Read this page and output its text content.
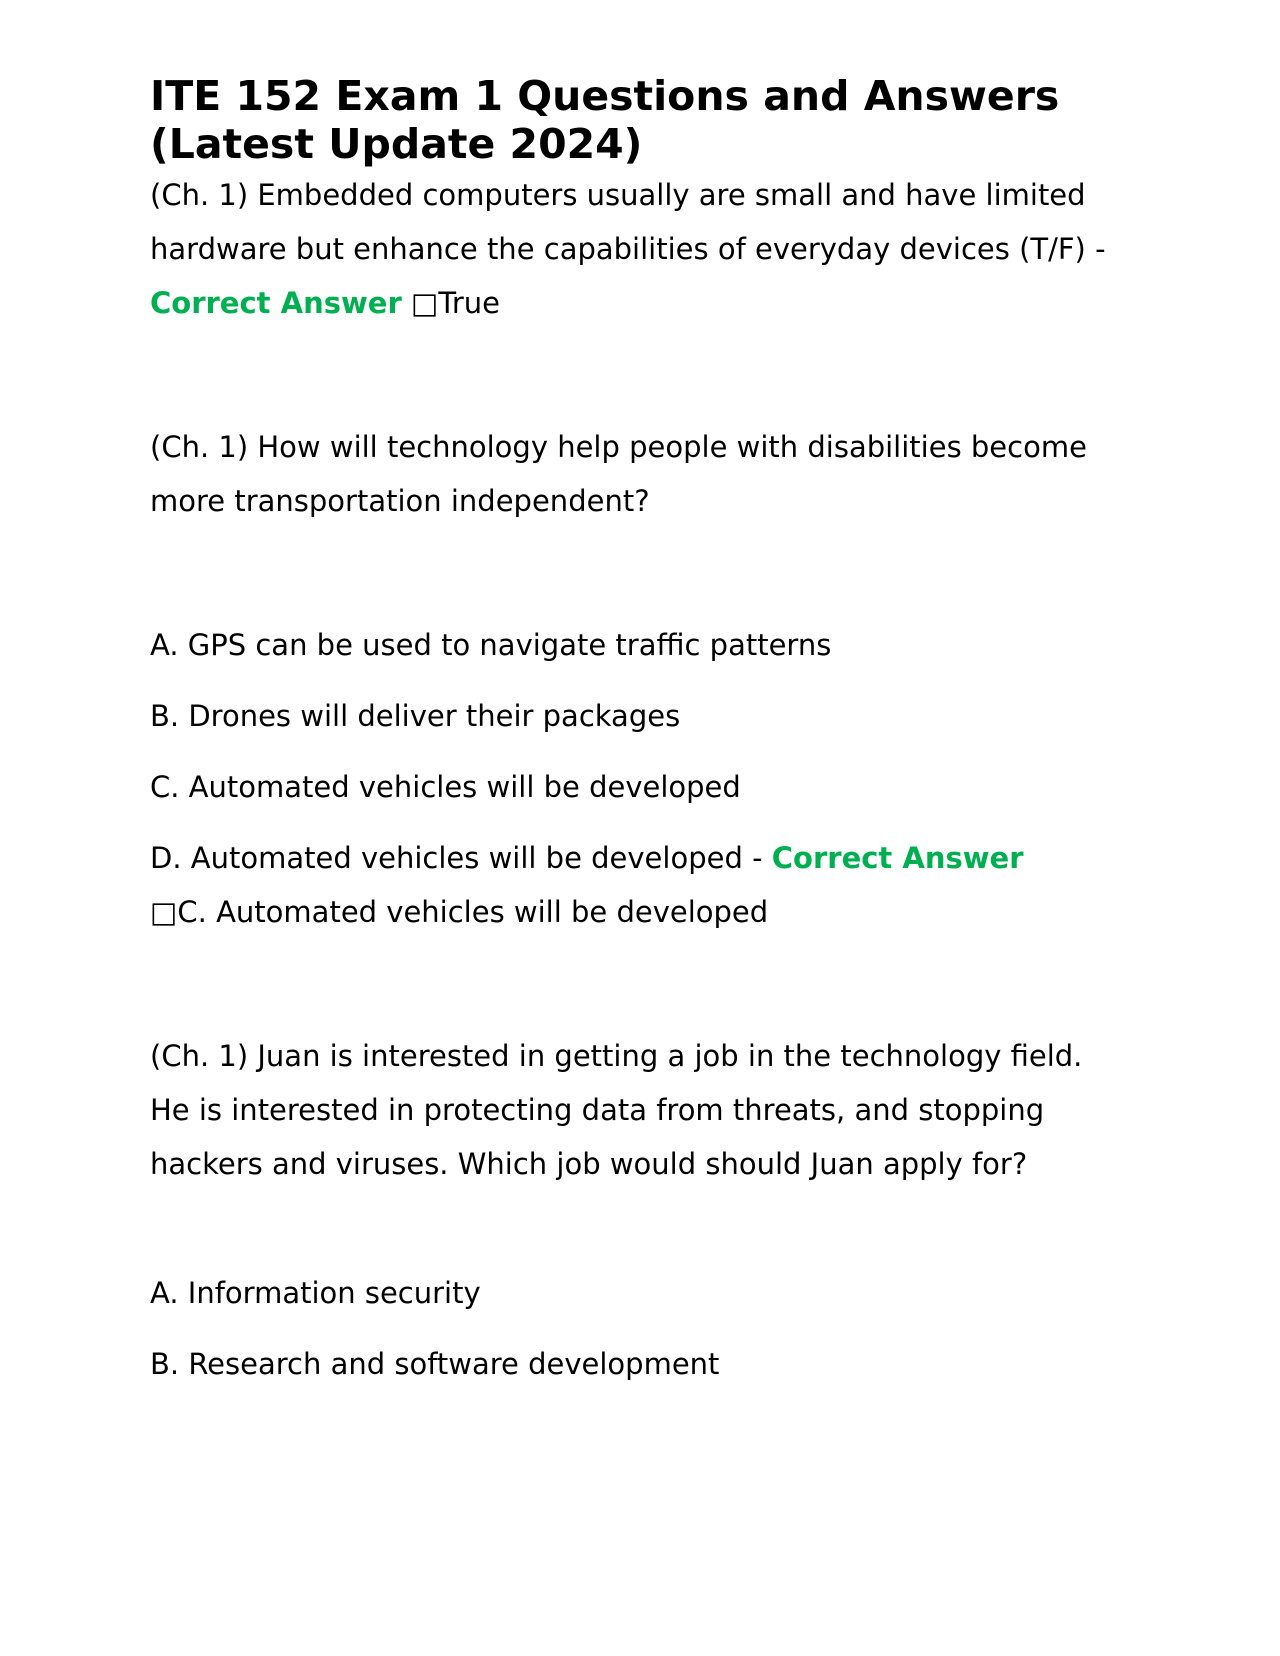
ITE 152 Exam 1 Questions and Answers
(Latest Update 2024)

(Ch. 1) Embedded computers usually are small and have limited hardware but enhance the capabilities of everyday devices (T/F) - Correct Answer □True

(Ch. 1) How will technology help people with disabilities become more transportation independent?

A. GPS can be used to navigate traffic patterns

B. Drones will deliver their packages

C. Automated vehicles will be developed

D. Automated vehicles will be developed - Correct Answer
□C. Automated vehicles will be developed

(Ch. 1) Juan is interested in getting a job in the technology field. He is interested in protecting data from threats, and stopping hackers and viruses. Which job would should Juan apply for?

A. Information security

B. Research and software development
